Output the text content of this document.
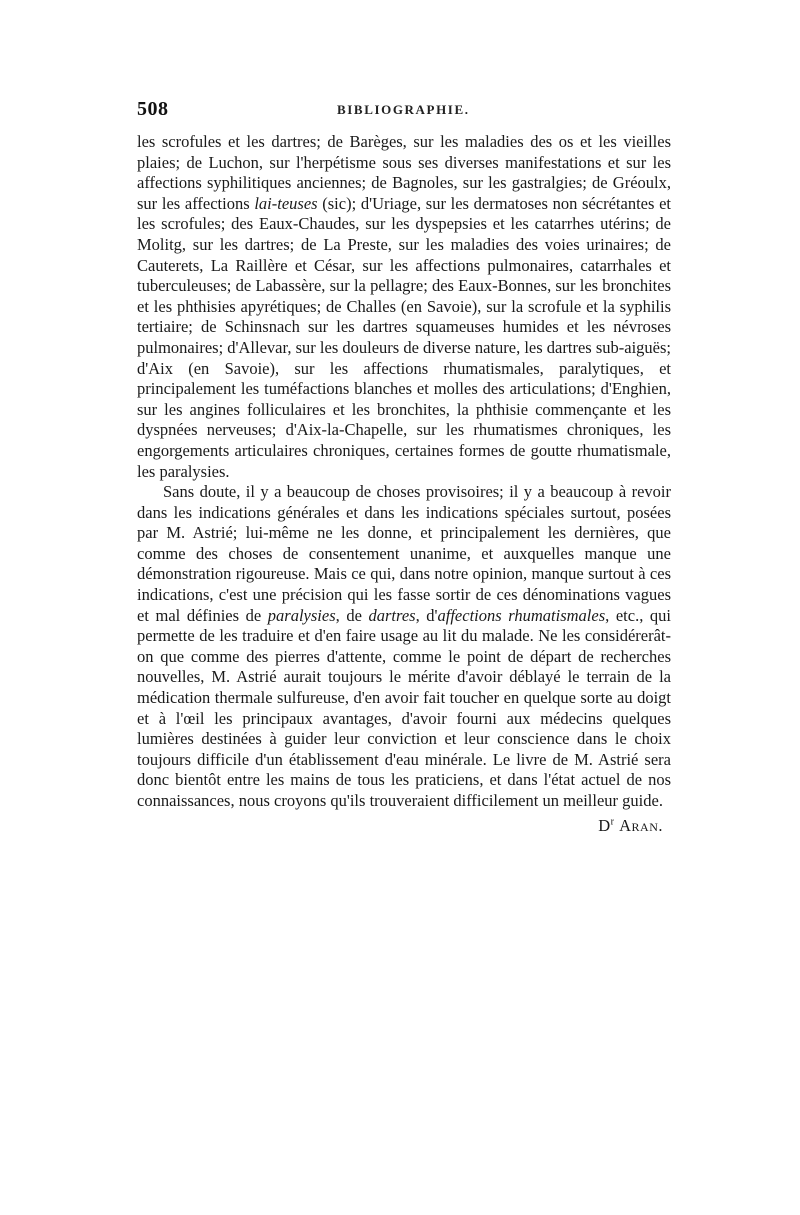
508	BIBLIOGRAPHIE.

les scrofules et les dartres; de Barèges, sur les maladies des os et les vieilles plaies; de Luchon, sur l'herpétisme sous ses diverses manifestations et sur les affections syphilitiques anciennes; de Bagnoles, sur les gastralgies; de Gréoulx, sur les affections lai-teuses (sic); d'Uriage, sur les dermatoses non sécrétantes et les scrofules; des Eaux-Chaudes, sur les dyspepsies et les catarrhes utérins; de Molitg, sur les dartres; de La Preste, sur les maladies des voies urinaires; de Cauterets, La Raillère et César, sur les affections pulmonaires, catarrhales et tuberculeuses; de Labassère, sur la pellagre; des Eaux-Bonnes, sur les bronchites et les phthisies apyrétiques; de Challes (en Savoie), sur la scrofule et la syphilis tertiaire; de Schinsnach sur les dartres squameuses humides et les névroses pulmonaires; d'Allevar, sur les douleurs de diverse nature, les dartres sub-aiguës; d'Aix (en Savoie), sur les affections rhumatismales, paralytiques, et principalement les tuméfactions blanches et molles des articulations; d'Enghien, sur les angines folliculaires et les bronchites, la phthisie commençante et les dyspnées nerveuses; d'Aix-la-Chapelle, sur les rhumatismes chroniques, les engorgements articulaires chroniques, certaines formes de goutte rhumatismale, les paralysies.

Sans doute, il y a beaucoup de choses provisoires; il y a beaucoup à revoir dans les indications générales et dans les indications spéciales surtout, posées par M. Astrié; lui-même ne les donne, et principalement les dernières, que comme des choses de consentement unanime, et auxquelles manque une démonstration rigoureuse. Mais ce qui, dans notre opinion, manque surtout à ces indications, c'est une précision qui les fasse sortir de ces dénominations vagues et mal définies de paralysies, de dartres, d'affections rhumatismales, etc., qui permette de les traduire et d'en faire usage au lit du malade. Ne les considérerât-on que comme des pierres d'attente, comme le point de départ de recherches nouvelles, M. Astrié aurait toujours le mérite d'avoir déblayé le terrain de la médication thermale sulfureuse, d'en avoir fait toucher en quelque sorte au doigt et à l'œil les principaux avantages, d'avoir fourni aux médecins quelques lumières destinées à guider leur conviction et leur conscience dans le choix toujours difficile d'un établissement d'eau minérale. Le livre de M. Astrié sera donc bientôt entre les mains de tous les praticiens, et dans l'état actuel de nos connaissances, nous croyons qu'ils trouveraient difficilement un meilleur guide.

$D^r$ Aran.
